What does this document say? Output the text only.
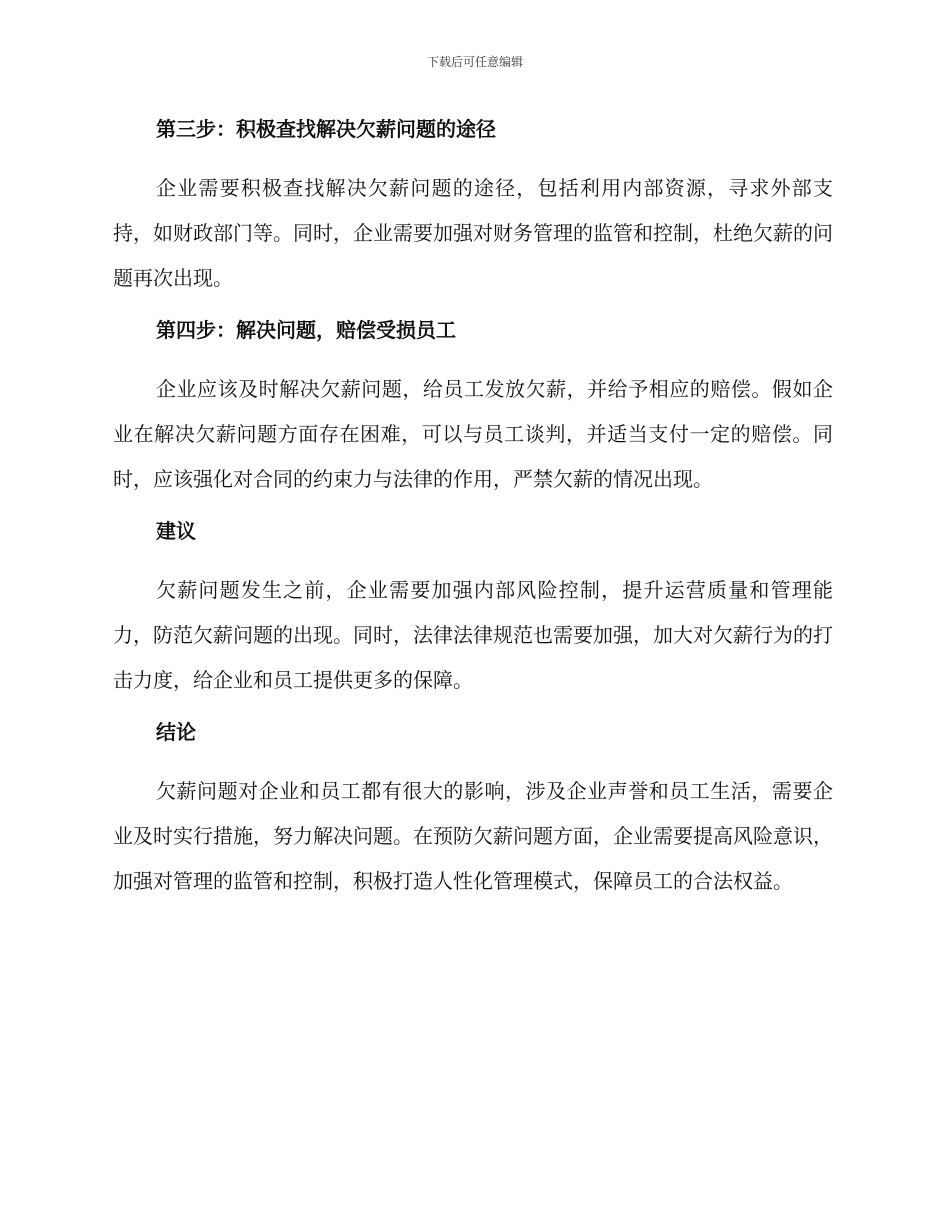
下载后可任意编辑
第三步：积极查找解决欠薪问题的途径

企业需要积极查找解决欠薪问题的途径，包括利用内部资源，寻求外部支持，如财政部门等。同时，企业需要加强对财务管理的监管和控制，杜绝欠薪的问题再次出现。

第四步：解决问题，赔偿受损员工

企业应该及时解决欠薪问题，给员工发放欠薪，并给予相应的赔偿。假如企业在解决欠薪问题方面存在困难，可以与员工谈判，并适当支付一定的赔偿。同时，应该强化对合同的约束力与法律的作用，严禁欠薪的情况出现。

建议

欠薪问题发生之前，企业需要加强内部风险控制，提升运营质量和管理能力，防范欠薪问题的出现。同时，法律法律规范也需要加强，加大对欠薪行为的打击力度，给企业和员工提供更多的保障。

结论

欠薪问题对企业和员工都有很大的影响，涉及企业声誉和员工生活，需要企业及时实行措施，努力解决问题。在预防欠薪问题方面，企业需要提高风险意识，加强对管理的监管和控制，积极打造人性化管理模式，保障员工的合法权益。
